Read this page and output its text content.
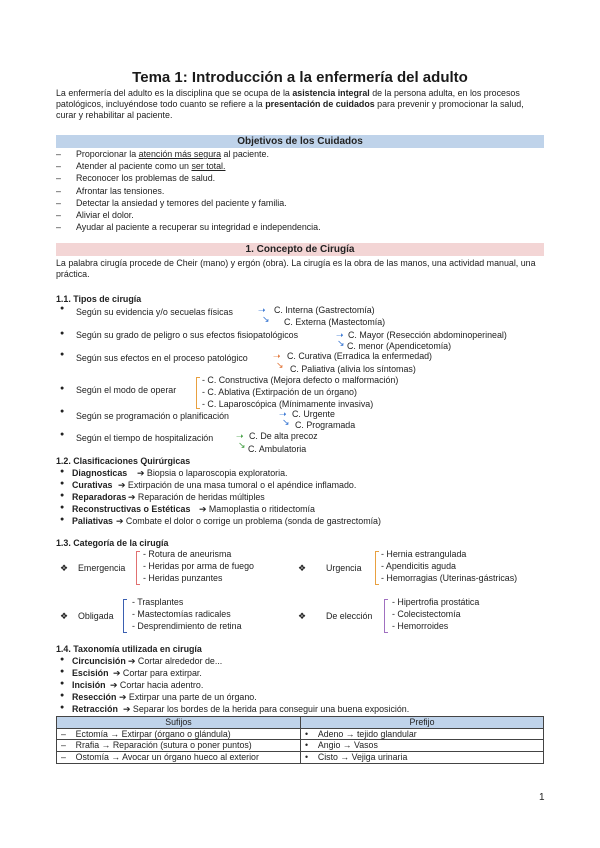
Tema 1: Introducción a la enfermería del adulto
La enfermería del adulto es la disciplina que se ocupa de la asistencia integral de la persona adulta, en los procesos patológicos, incluyéndose todo cuanto se refiere a la presentación de cuidados para prevenir y promocionar la salud, curar y rehabilitar al paciente.
Objetivos de los Cuidados
– Proporcionar la atención más segura al paciente.
– Atender al paciente como un ser total.
– Reconocer los problemas de salud.
– Afrontar las tensiones.
– Detectar la ansiedad y temores del paciente y familia.
– Aliviar el dolor.
– Ayudar al paciente a recuperar su integridad e independencia.
1. Concepto de Cirugía
La palabra cirugía procede de Cheir (mano) y ergón (obra). La cirugía es la obra de las manos, una actividad manual, una práctica.
1.1. Tipos de cirugía
● Según su evidencia y/o secuelas físicas	➝ C. Interna (Gastrectomía)
↘ C. Externa (Mastectomía)
● Según su grado de peligro o sus efectos fisiopatológicos	➝ C. Mayor (Resección abdominoperineal)
↘ C. menor (Apendicetomía)
● Según sus efectos en el proceso patológico	➝ C. Curativa (Erradica la enfermedad)
↘ C. Paliativa (alivia los síntomas)
● Según el modo de operar
- C. Constructiva (Mejora defecto o malformación)
- C. Ablativa (Extirpación de un órgano)
- C. Laparoscópica (Mínimamente invasiva)
● Según se programación o planificación	➝ C. Urgente
↘ C. Programada
● Según el tiempo de hospitalización	➝ C. De alta precoz
↘ C. Ambulatoria
1.2. Clasificaciones Quirúrgicas
● Diagnosticas ➔ Biopsia o laparoscopia exploratoria.
● Curativas ➔ Extirpación de una masa tumoral o el apéndice inflamado.
● Reparadoras ➔ Reparación de heridas múltiples
● Reconstructivas o Estéticas ➔ Mamoplastia o ritidectomía
● Paliativas ➔ Combate el dolor o corrige un problema (sonda de gastrectomía)
1.3. Categoría de la cirugía
❖ Emergencia
- Rotura de aneurisma
- Heridas por arma de fuego
- Heridas punzantes
❖ Urgencia
- Hernia estrangulada
- Apendicitis aguda
- Hemorragias (Uterinas-gástricas)
❖ Obligada
- Trasplantes
- Mastectomías radicales
- Desprendimiento de retina
❖ De elección
- Hipertrofia prostática
- Colecistectomía
- Hemorroides
1.4. Taxonomía utilizada en cirugía
● Circuncisión ➔ Cortar alrededor de...
● Escisión ➔ Cortar para extirpar.
● Incisión ➔ Cortar hacia adentro.
● Resección ➔ Extirpar una parte de un órgano.
● Retracción ➔ Separar los bordes de la herida para conseguir una buena exposición.
Sufijos	Prefijo
–    Ectomía → Extirpar (órgano o glándula)	•    Adeno → tejido glandular
–    Rrafia → Reparación (sutura o poner puntos)	•    Angio → Vasos
–    Ostomía → Avocar un órgano hueco al exterior	•    Cisto → Vejiga urinaria
1
